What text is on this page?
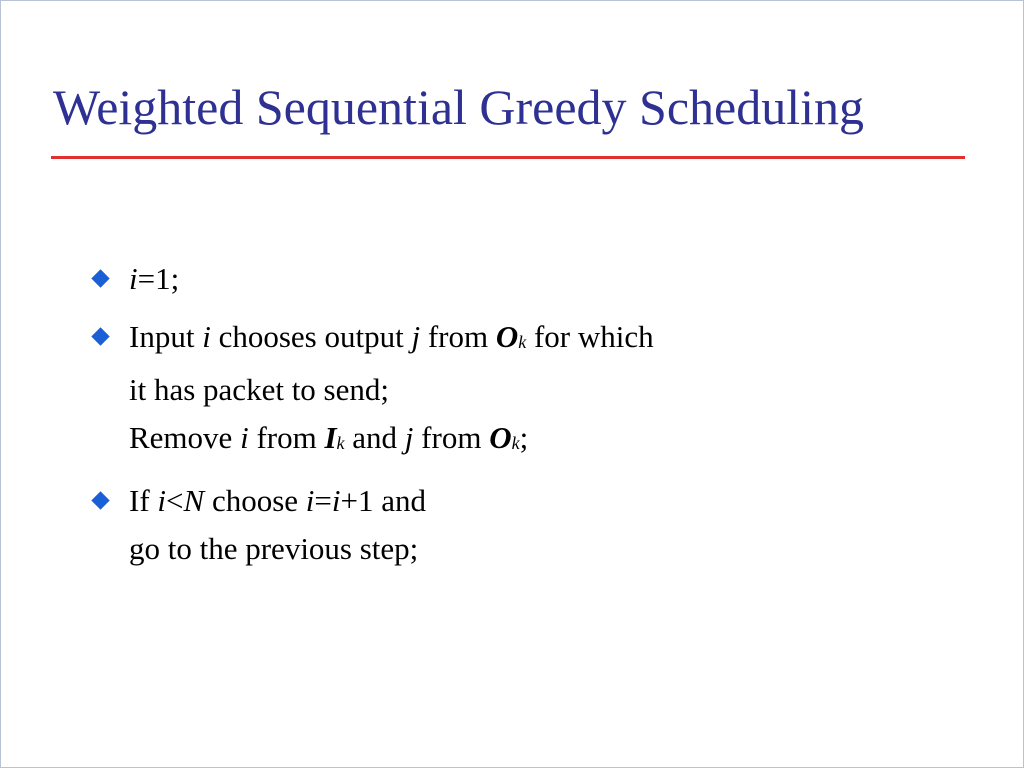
Weighted Sequential Greedy Scheduling
i=1;
Input i chooses output j from $O_k$ for which
it has packet to send;
Remove i from $I_k$ and j from $O_k$;
If i<N choose i=i+1 and
go to the previous step;
